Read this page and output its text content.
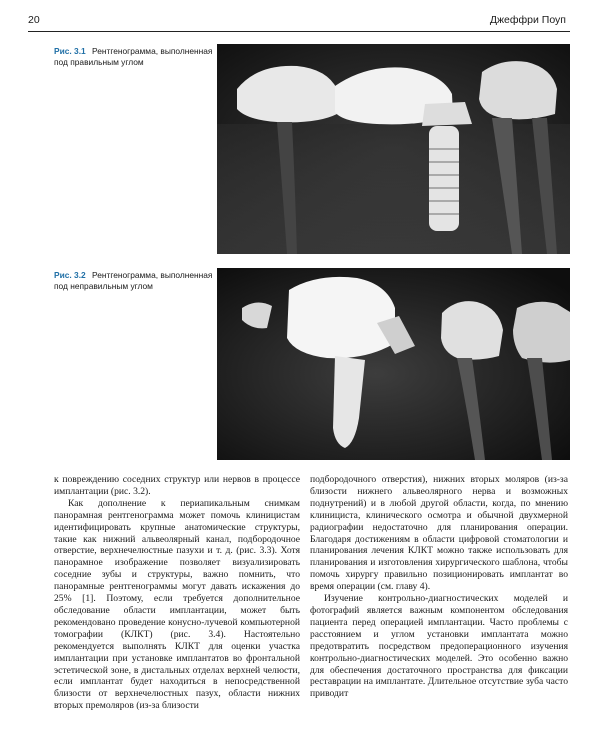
20	Джеффри Поуп
Рис. 3.1 Рентгенограмма, выполненная под правильным углом
Рис. 3.2 Рентгенограмма, выполненная под неправильным углом

к повреждению соседних структур или нервов в процессе имплантации (рис. 3.2).

Как дополнение к периапикальным снимкам панорамная рентгенограмма может помочь клиницистам идентифицировать крупные анатомические структуры, такие как нижний альвеолярный канал, подбородочное отверстие, верхнечелюстные пазухи и т. д. (рис. 3.3). Хотя панорамное изображение позволяет визуализировать соседние зубы и структуры, важно помнить, что панорамные рентгенограммы могут давать искажения до 25% [1]. Поэтому, если требуется дополнительное обследование области имплантации, может быть рекомендовано проведение конусно-лучевой компьютерной томографии (КЛКТ) (рис. 3.4). Настоятельно рекомендуется выполнять КЛКТ для оценки участка имплантации при установке имплантатов во фронтальной эстетической зоне, в дистальных отделах верхней челюсти, если имплантат будет находиться в непосредственной близости от верхнечелюстных пазух, области нижних вторых премоляров (из-за близости

подбородочного отверстия), нижних вторых моляров (из-за близости нижнего альвеолярного нерва и возможных поднутрений) и в любой другой области, когда, по мнению клинициста, клинического осмотра и обычной двухмерной радиографии недостаточно для планирования операции. Благодаря достижениям в области цифровой стоматологии и планирования лечения КЛКТ можно также использовать для планирования и изготовления хирургического шаблона, чтобы помочь хирургу правильно позиционировать имплантат во время операции (см. главу 4).

Изучение контрольно-диагностических моделей и фотографий является важным компонентом обследования пациента перед операцией имплантации. Часто проблемы с расстоянием и углом установки имплантата можно предотвратить посредством предоперационного изучения контрольно-диагностических моделей. Это особенно важно для обеспечения достаточного пространства для фиксации реставрации на имплантате. Длительное отсутствие зуба часто приводит
